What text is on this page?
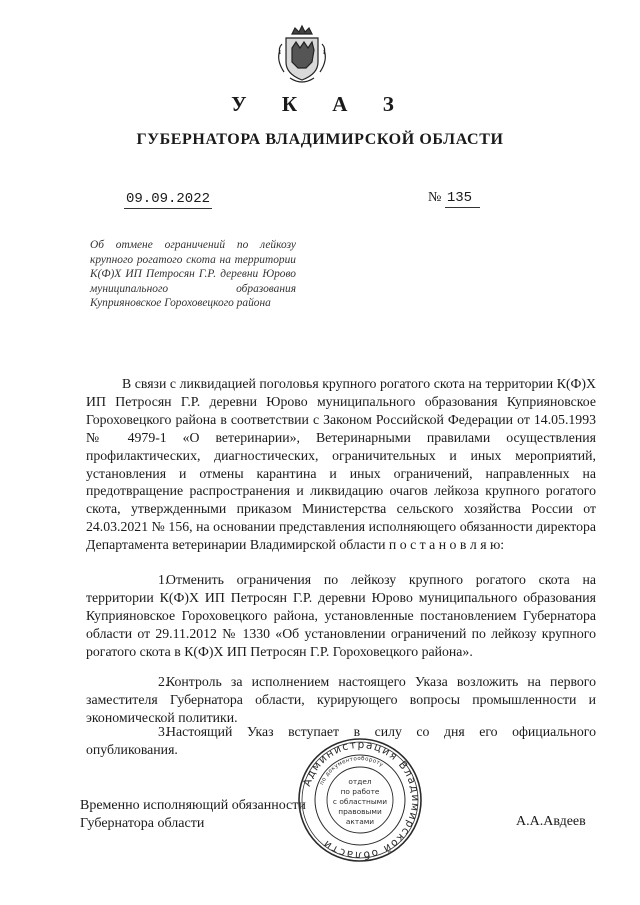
У К А З
ГУБЕРНАТОРА ВЛАДИМИРСКОЙ ОБЛАСТИ
09.09.2022	№ 135
Об отмене ограничений по лейкозу крупного рогатого скота на территории К(Ф)Х ИП Петросян Г.Р. деревни Юрово муниципального образования Куприяновское Гороховецкого района

В связи с ликвидацией поголовья крупного рогатого скота на территории К(Ф)Х ИП Петросян Г.Р. деревни Юрово муниципального образования Куприяновское Гороховецкого района в соответствии с Законом Российской Федерации от 14.05.1993 № 4979-1 «О ветеринарии», Ветеринарными правилами осуществления профилактических, диагностических, ограничительных и иных мероприятий, установления и отмены карантина и иных ограничений, направленных на предотвращение распространения и ликвидацию очагов лейкоза крупного рогатого скота, утвержденными приказом Министерства сельского хозяйства России от 24.03.2021 № 156, на основании представления исполняющего обязанности директора Департамента ветеринарии Владимирской области п о с т а н о в л я ю:

1.Отменить ограничения по лейкозу крупного рогатого скота на территории К(Ф)Х ИП Петросян Г.Р. деревни Юрово муниципального образования Куприяновское Гороховецкого района, установленные постановлением Губернатора области от 29.11.2012 № 1330 «Об установлении ограничений по лейкозу крупного рогатого скота в К(Ф)Х ИП Петросян Г.Р. Гороховецкого района».

2.Контроль за исполнением настоящего Указа возложить на первого заместителя Губернатора области, курирующего вопросы промышленности и экономической политики.

3.Настоящий Указ вступает в силу со дня его официального опубликования.

Временно исполняющий обязанности
Губернатора области	А.А.Авдеев
Администрация Владимирской области
по документообороту
отдел
по работе
с областными
правовыми
актами
